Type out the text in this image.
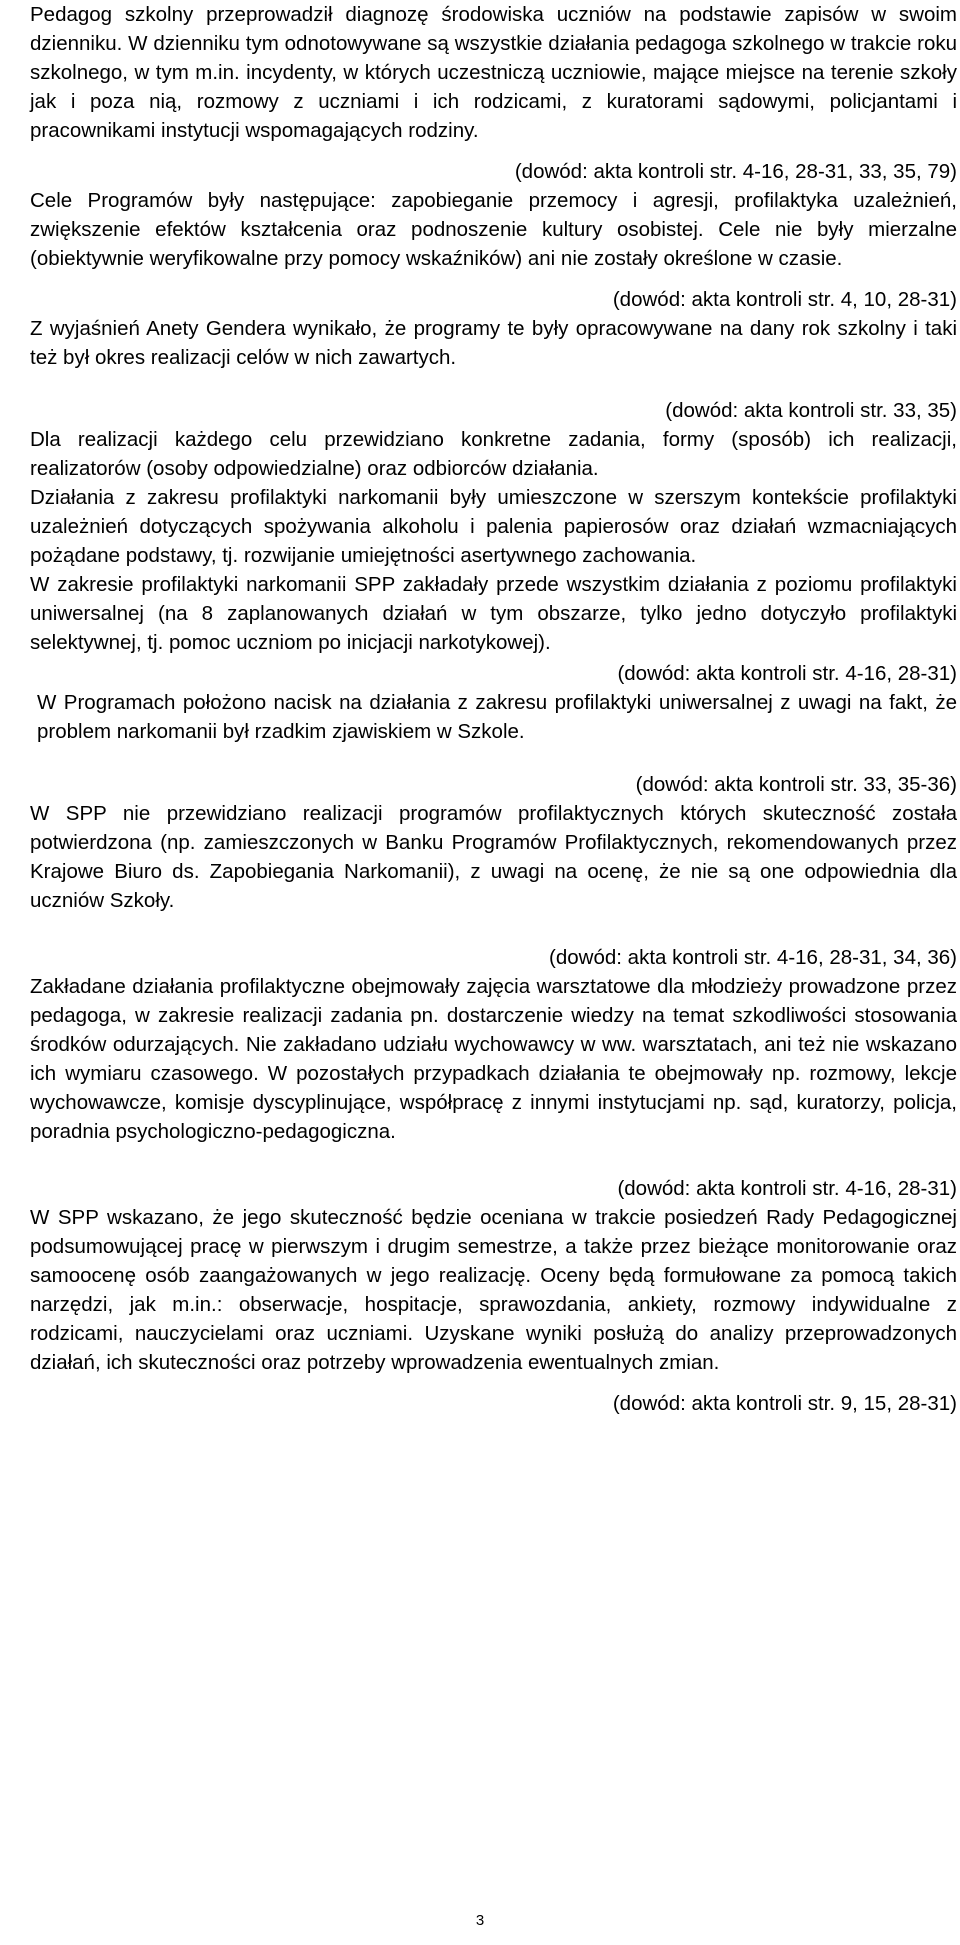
Pedagog szkolny przeprowadził diagnozę środowiska uczniów na podstawie zapisów w swoim dzienniku. W dzienniku tym odnotowywane są wszystkie działania pedagoga szkolnego w trakcie roku szkolnego, w tym m.in. incydenty, w których uczestniczą uczniowie, mające miejsce na terenie szkoły jak i poza nią, rozmowy z uczniami i ich rodzicami, z kuratorami sądowymi, policjantami i pracownikami instytucji wspomagających rodziny.

(dowód: akta kontroli str. 4-16, 28-31, 33, 35, 79)

Cele Programów były następujące: zapobieganie przemocy i agresji, profilaktyka uzależnień, zwiększenie efektów kształcenia oraz podnoszenie kultury osobistej. Cele nie były mierzalne (obiektywnie weryfikowalne przy pomocy wskaźników) ani nie zostały określone w czasie.

(dowód: akta kontroli str. 4, 10, 28-31)

Z wyjaśnień Anety Gendera wynikało, że programy te były opracowywane na dany rok szkolny i taki też był okres realizacji celów w nich zawartych.

(dowód: akta kontroli str. 33, 35)

Dla realizacji każdego celu przewidziano konkretne zadania, formy (sposób) ich realizacji, realizatorów (osoby odpowiedzialne) oraz odbiorców działania.

Działania z zakresu profilaktyki narkomanii były umieszczone w szerszym kontekście profilaktyki uzależnień dotyczących spożywania alkoholu i palenia papierosów oraz działań wzmacniających pożądane podstawy, tj. rozwijanie umiejętności asertywnego zachowania.

W zakresie profilaktyki narkomanii SPP zakładały przede wszystkim działania z poziomu profilaktyki uniwersalnej (na 8 zaplanowanych działań w tym obszarze, tylko jedno dotyczyło profilaktyki selektywnej, tj. pomoc uczniom po inicjacji narkotykowej).

(dowód: akta kontroli str. 4-16, 28-31)

W Programach położono nacisk na działania z zakresu profilaktyki uniwersalnej z uwagi na fakt, że problem narkomanii był rzadkim zjawiskiem w Szkole.

(dowód: akta kontroli str. 33, 35-36)

W SPP nie przewidziano realizacji programów profilaktycznych których skuteczność została potwierdzona (np. zamieszczonych w Banku Programów Profilaktycznych, rekomendowanych przez Krajowe Biuro ds. Zapobiegania Narkomanii), z uwagi na ocenę, że nie są one odpowiednia dla uczniów Szkoły.

(dowód: akta kontroli str. 4-16, 28-31, 34, 36)

Zakładane działania profilaktyczne obejmowały zajęcia warsztatowe dla młodzieży prowadzone przez pedagoga, w zakresie realizacji zadania pn. dostarczenie wiedzy na temat szkodliwości stosowania środków odurzających. Nie zakładano udziału wychowawcy w ww. warsztatach, ani też nie wskazano ich wymiaru czasowego. W pozostałych przypadkach działania te obejmowały np. rozmowy, lekcje wychowawcze, komisje dyscyplinujące, współpracę z innymi instytucjami np. sąd, kuratorzy, policja, poradnia psychologiczno-pedagogiczna.

(dowód: akta kontroli str. 4-16, 28-31)

W SPP wskazano, że jego skuteczność będzie oceniana w trakcie posiedzeń Rady Pedagogicznej podsumowującej pracę w pierwszym i drugim semestrze, a także przez bieżące monitorowanie oraz samoocenę osób zaangażowanych w jego realizację. Oceny będą formułowane za pomocą takich narzędzi, jak m.in.: obserwacje, hospitacje, sprawozdania, ankiety, rozmowy indywidualne z rodzicami, nauczycielami oraz uczniami. Uzyskane wyniki posłużą do analizy przeprowadzonych działań, ich skuteczności oraz potrzeby wprowadzenia ewentualnych zmian.

(dowód: akta kontroli str. 9, 15, 28-31)

3
